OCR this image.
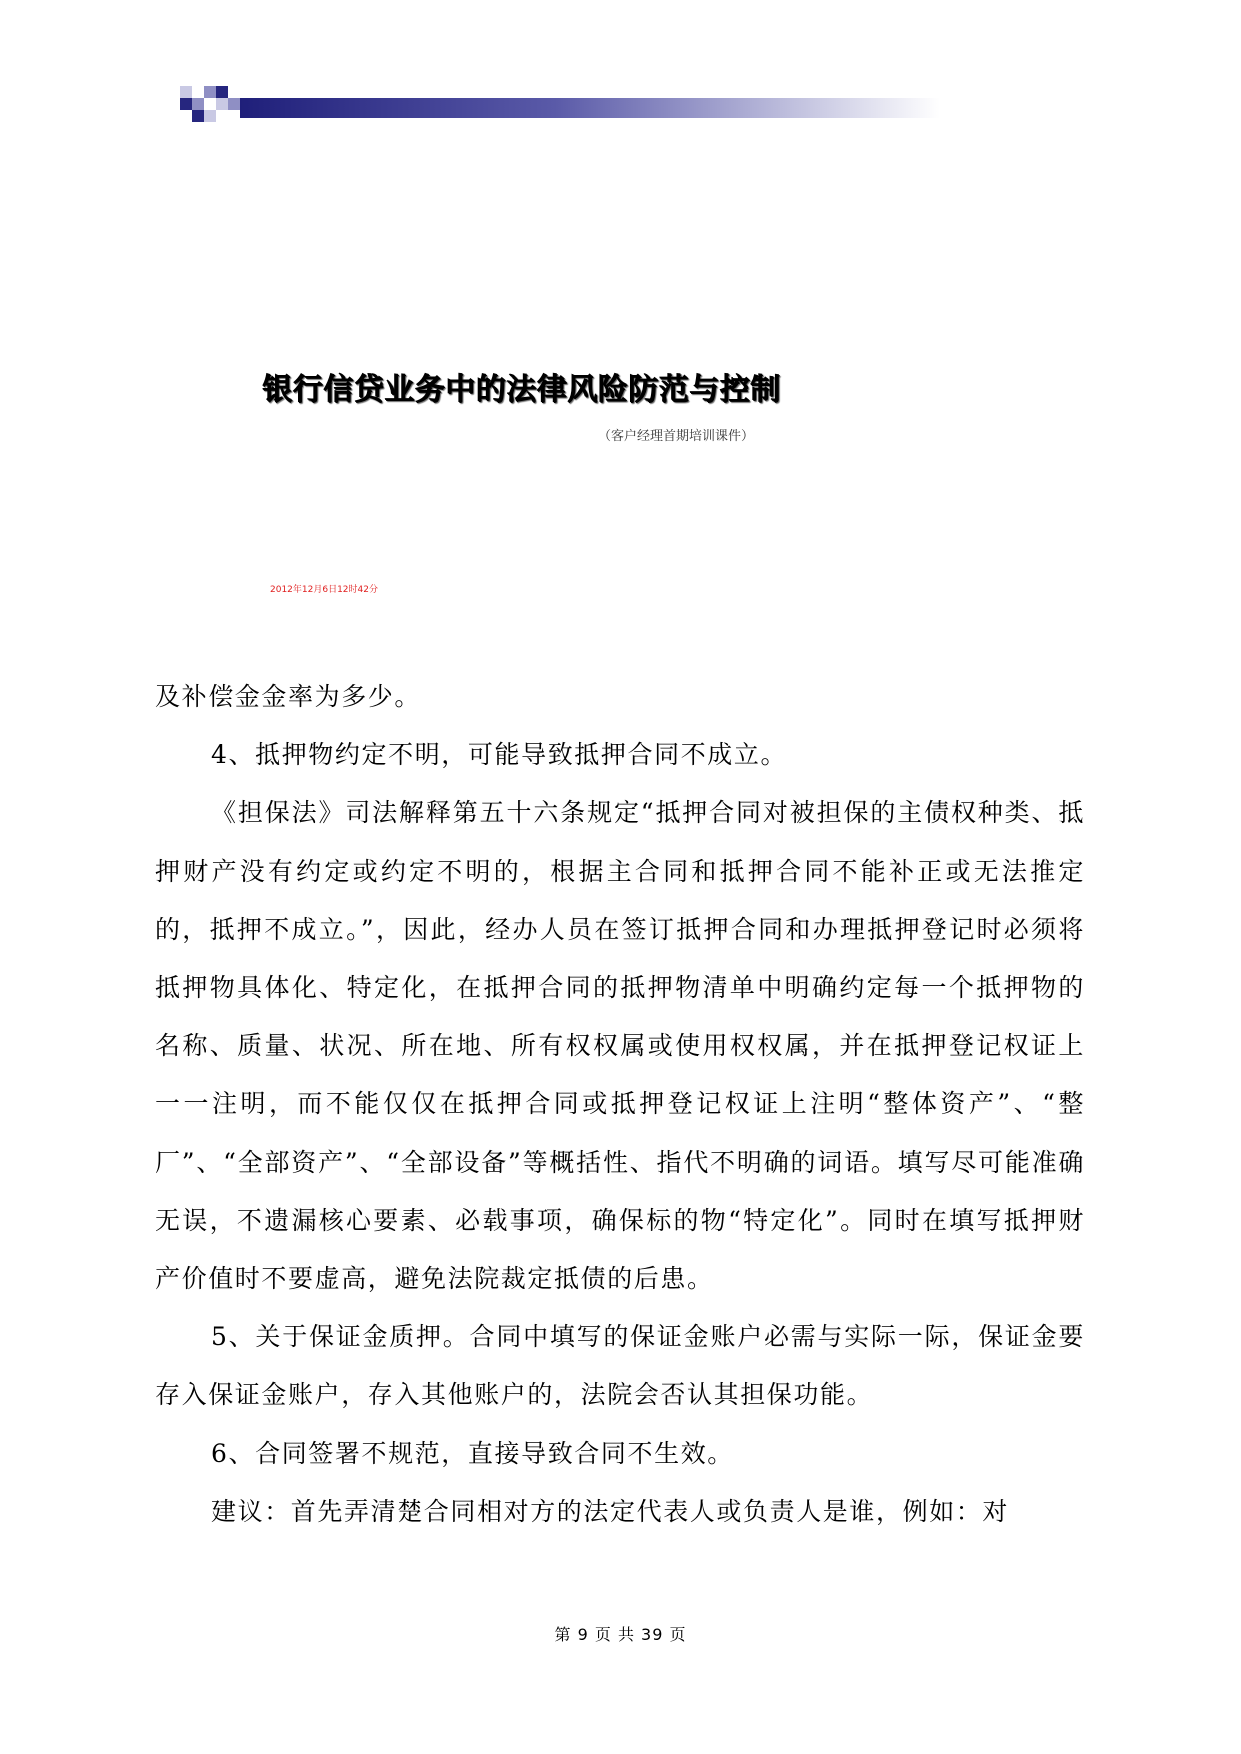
银行信贷业务中的法律风险防范与控制
（客户经理首期培训课件）
2012年12月6日12时42分

及补偿金金率为多少。

4、抵押物约定不明，可能导致抵押合同不成立。

《担保法》司法解释第五十六条规定“抵押合同对被担保的主债权种类、抵押财产没有约定或约定不明的，根据主合同和抵押合同不能补正或无法推定的，抵押不成立。”，因此，经办人员在签订抵押合同和办理抵押登记时必须将抵押物具体化、特定化，在抵押合同的抵押物清单中明确约定每一个抵押物的名称、质量、状况、所在地、所有权权属或使用权权属，并在抵押登记权证上一一注明，而不能仅仅在抵押合同或抵押登记权证上注明“整体资产”、“整厂”、“全部资产”、“全部设备”等概括性、指代不明确的词语。填写尽可能准确无误，不遗漏核心要素、必载事项，确保标的物“特定化”。同时在填写抵押财产价值时不要虚高，避免法院裁定抵债的后患。

5、关于保证金质押。合同中填写的保证金账户必需与实际一际，保证金要存入保证金账户，存入其他账户的，法院会否认其担保功能。

6、合同签署不规范，直接导致合同不生效。

建议：首先弄清楚合同相对方的法定代表人或负责人是谁，例如：对

第 9 页 共 39 页
